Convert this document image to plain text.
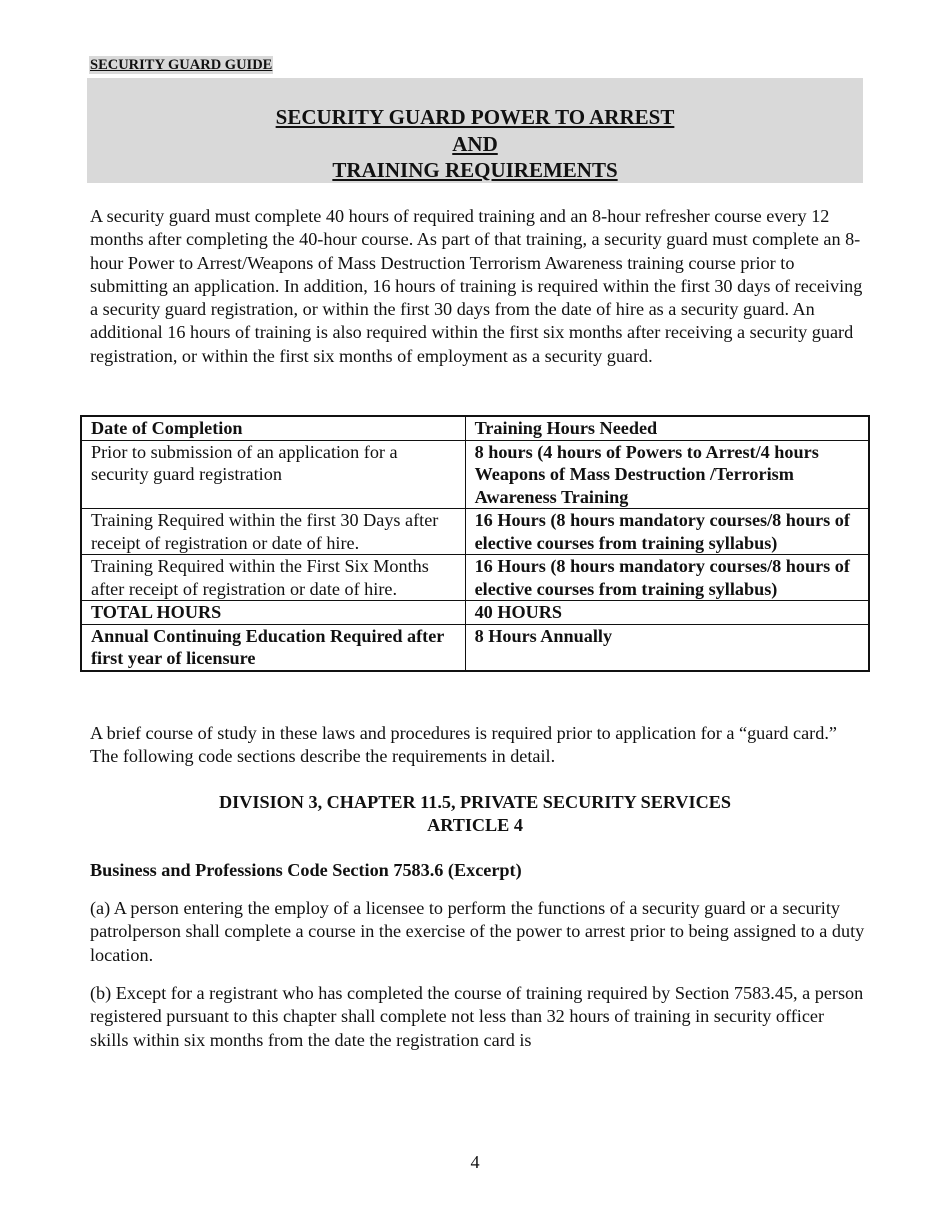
SECURITY GUARD GUIDE
SECURITY GUARD POWER TO ARREST
AND
TRAINING REQUIREMENTS

A security guard must complete 40 hours of required training and an 8-hour refresher course every 12 months after completing the 40-hour course. As part of that training, a security guard must complete an 8-hour Power to Arrest/Weapons of Mass Destruction Terrorism Awareness training course prior to submitting an application. In addition, 16 hours of training is required within the first 30 days of receiving a security guard registration, or within the first 30 days from the date of hire as a security guard. An additional 16 hours of training is also required within the first six months after receiving a security guard registration, or within the first six months of employment as a security guard.

Date of Completion	Training Hours Needed
Prior to submission of an application for a security guard registration	8 hours (4 hours of Powers to Arrest/4 hours Weapons of Mass Destruction /Terrorism Awareness Training
Training Required within the first 30 Days after receipt of registration or date of hire.	16 Hours (8 hours mandatory courses/8 hours of elective courses from training syllabus)
Training Required within the First Six Months after receipt of registration or date of hire.	16 Hours (8 hours mandatory courses/8 hours of elective courses from training syllabus)
TOTAL HOURS	40 HOURS
Annual Continuing Education Required after first year of licensure	8 Hours Annually

A brief course of study in these laws and procedures is required prior to application for a “guard card.” The following code sections describe the requirements in detail.

DIVISION 3, CHAPTER 11.5, PRIVATE SECURITY SERVICES
ARTICLE 4
Business and Professions Code Section 7583.6 (Excerpt)

(a) A person entering the employ of a licensee to perform the functions of a security guard or a security patrolperson shall complete a course in the exercise of the power to arrest prior to being assigned to a duty location.

(b) Except for a registrant who has completed the course of training required by Section 7583.45, a person registered pursuant to this chapter shall complete not less than 32 hours of training in security officer skills within six months from the date the registration card is

4
